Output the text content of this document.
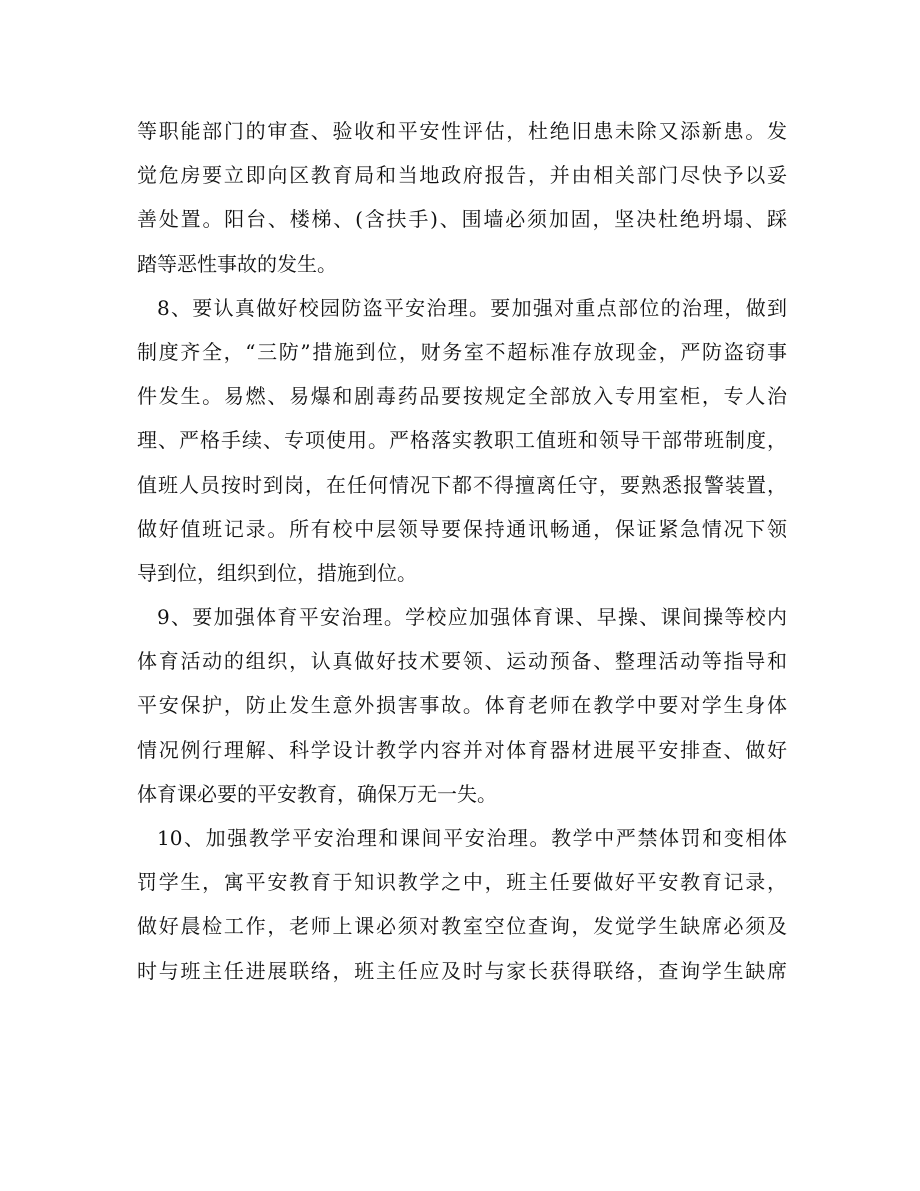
等职能部门的审查、验收和平安性评估，杜绝旧患未除又添新患。发
觉危房要立即向区教育局和当地政府报告，并由相关部门尽快予以妥
善处置。阳台、楼梯、(含扶手)、围墙必须加固，坚决杜绝坍塌、踩
踏等恶性事故的发生。
8、要认真做好校园防盗平安治理。要加强对重点部位的治理，做到
制度齐全，“三防”措施到位，财务室不超标准存放现金，严防盗窃事
件发生。易燃、易爆和剧毒药品要按规定全部放入专用室柜，专人治
理、严格手续、专项使用。严格落实教职工值班和领导干部带班制度，
值班人员按时到岗，在任何情况下都不得擅离任守，要熟悉报警装置，
做好值班记录。所有校中层领导要保持通讯畅通，保证紧急情况下领
导到位，组织到位，措施到位。
9、要加强体育平安治理。学校应加强体育课、早操、课间操等校内
体育活动的组织，认真做好技术要领、运动预备、整理活动等指导和
平安保护，防止发生意外损害事故。体育老师在教学中要对学生身体
情况例行理解、科学设计教学内容并对体育器材进展平安排查、做好
体育课必要的平安教育，确保万无一失。
10、加强教学平安治理和课间平安治理。教学中严禁体罚和变相体
罚学生，寓平安教育于知识教学之中，班主任要做好平安教育记录，
做好晨检工作，老师上课必须对教室空位查询，发觉学生缺席必须及
时与班主任进展联络，班主任应及时与家长获得联络，查询学生缺席
